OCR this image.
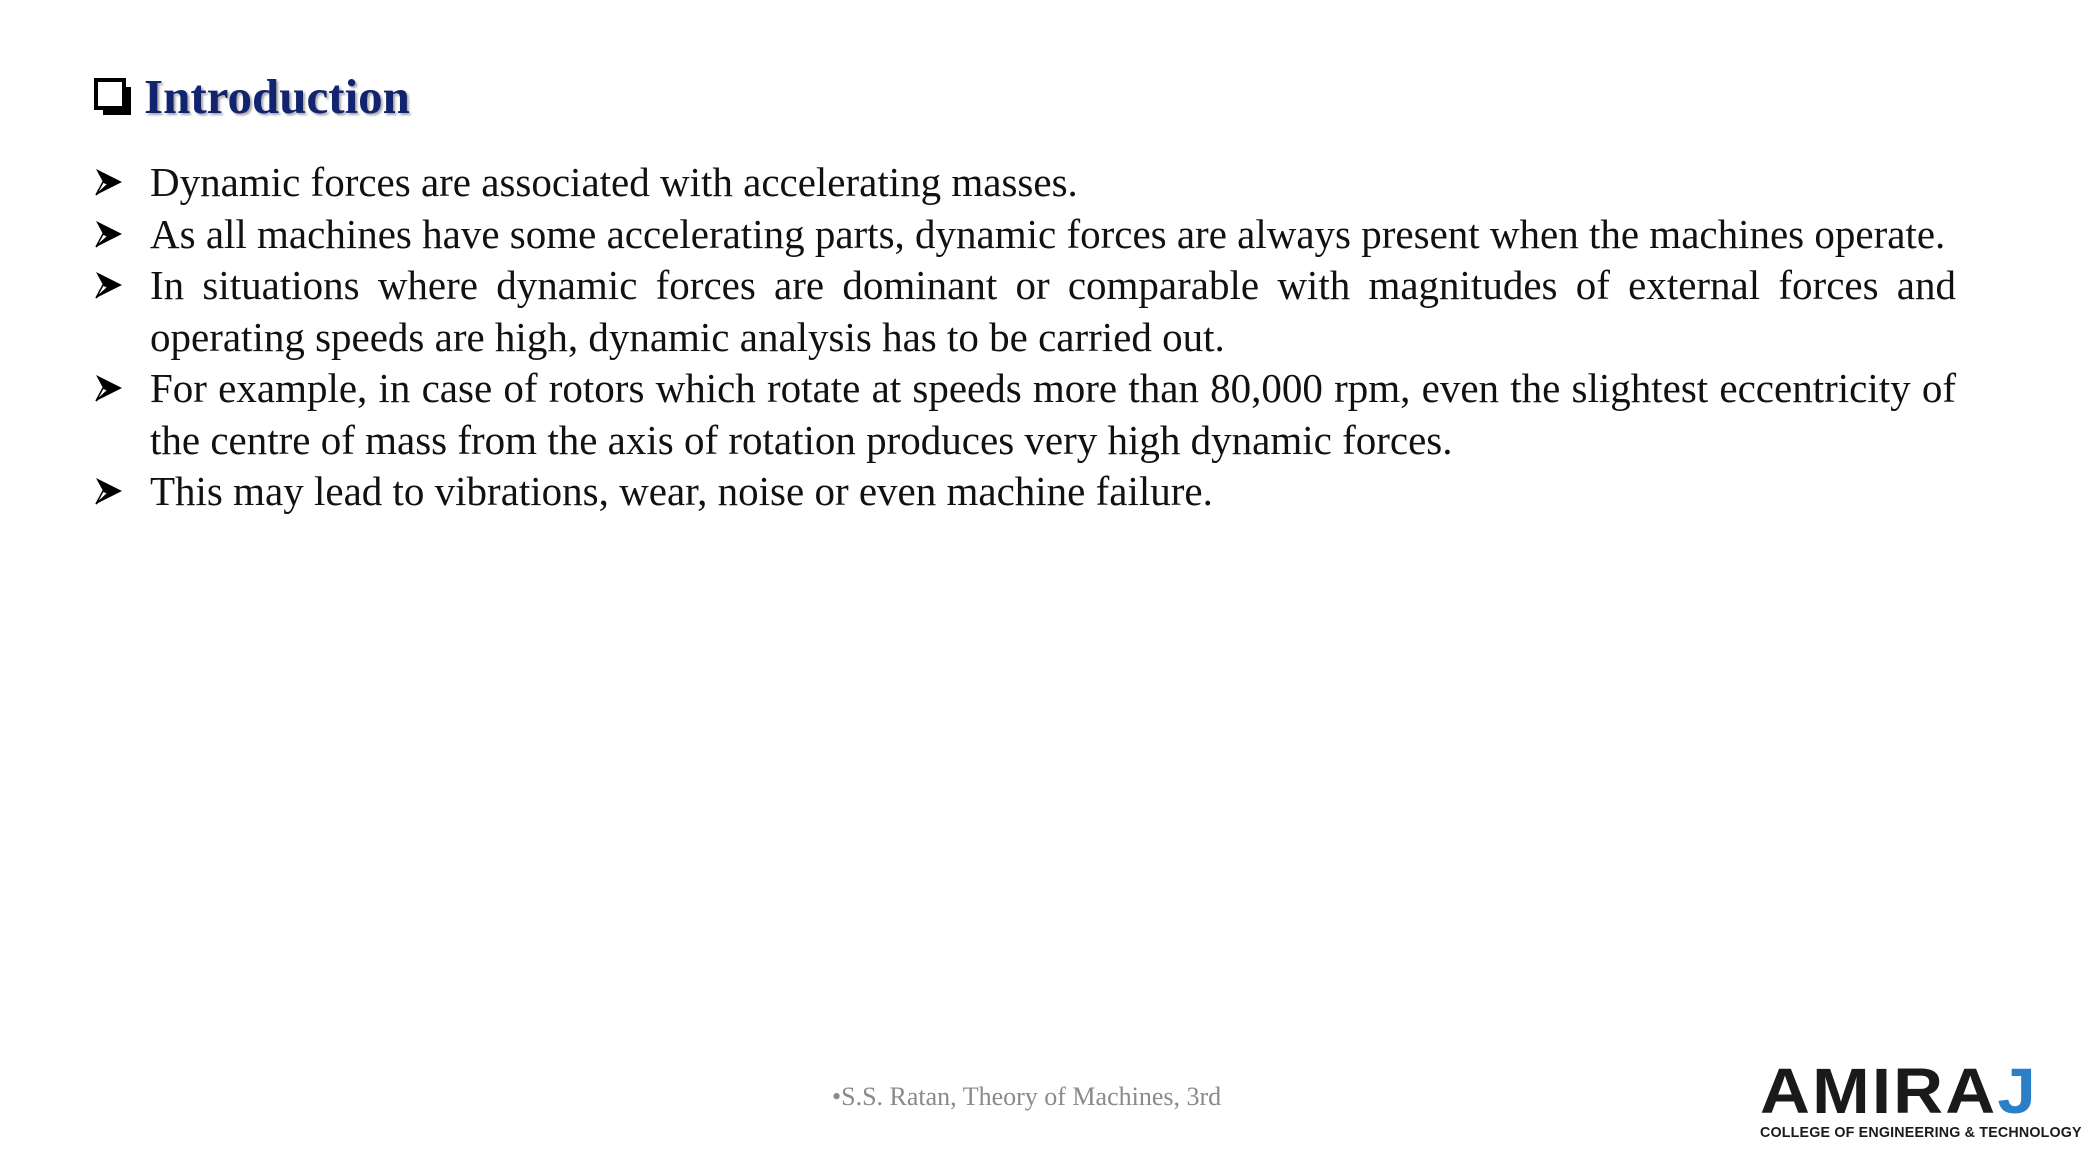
Introduction
Dynamic forces are associated with accelerating masses.
As all machines have some accelerating parts, dynamic forces are always present when the machines operate.
In situations where dynamic forces are dominant or comparable with magnitudes of external forces and operating speeds are high, dynamic analysis has to be carried out.
For example, in case of rotors which rotate at speeds more than 80,000 rpm, even the slightest eccentricity of the centre of mass from the axis of rotation produces very high dynamic forces.
This may lead to vibrations, wear, noise or even machine failure.
•S.S. Ratan, Theory of Machines, 3rd	AMIRAJ
COLLEGE OF ENGINEERING & TECHNOLOGY
